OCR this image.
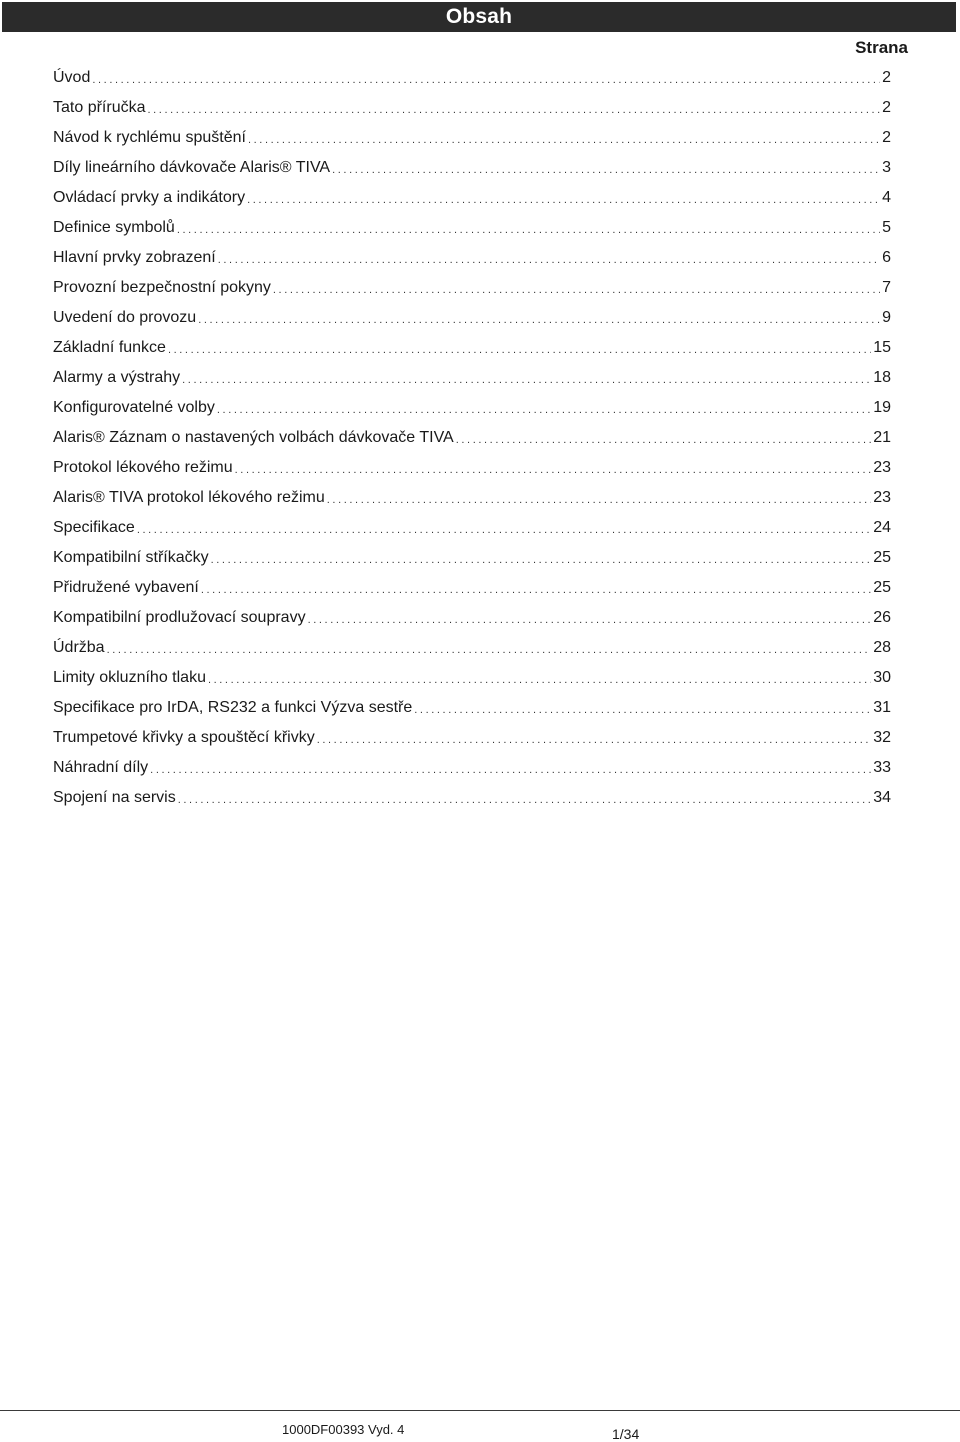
Obsah
Strana
Úvod .....	2
Tato příručka .....	2
Návod k rychlému spuštění .....	2
Díly lineárního dávkovače Alaris® TIVA .....	3
Ovládací prvky a indikátory .....	4
Definice symbolů .....	5
Hlavní prvky zobrazení .....	6
Provozní bezpečnostní pokyny .....	7
Uvedení do provozu .....	9
Základní funkce .....	15
Alarmy a výstrahy .....	18
Konfigurovatelné volby .....	19
Alaris® Záznam o nastavených volbách dávkovače TIVA .....	21
Protokol lékového režimu .....	23
Alaris® TIVA protokol lékového režimu .....	23
Specifikace .....	24
Kompatibilní stříkačky .....	25
Přidružené vybavení .....	25
Kompatibilní prodlužovací soupravy .....	26
Údržba .....	28
Limity okluzního tlaku .....	30
Specifikace pro IrDA, RS232 a funkci Výzva sestře .....	31
Trumpetové křivky a spouštěcí křivky .....	32
Náhradní díly .....	33
Spojení na servis .....	34
1000DF00393 Vyd. 4	1/34
